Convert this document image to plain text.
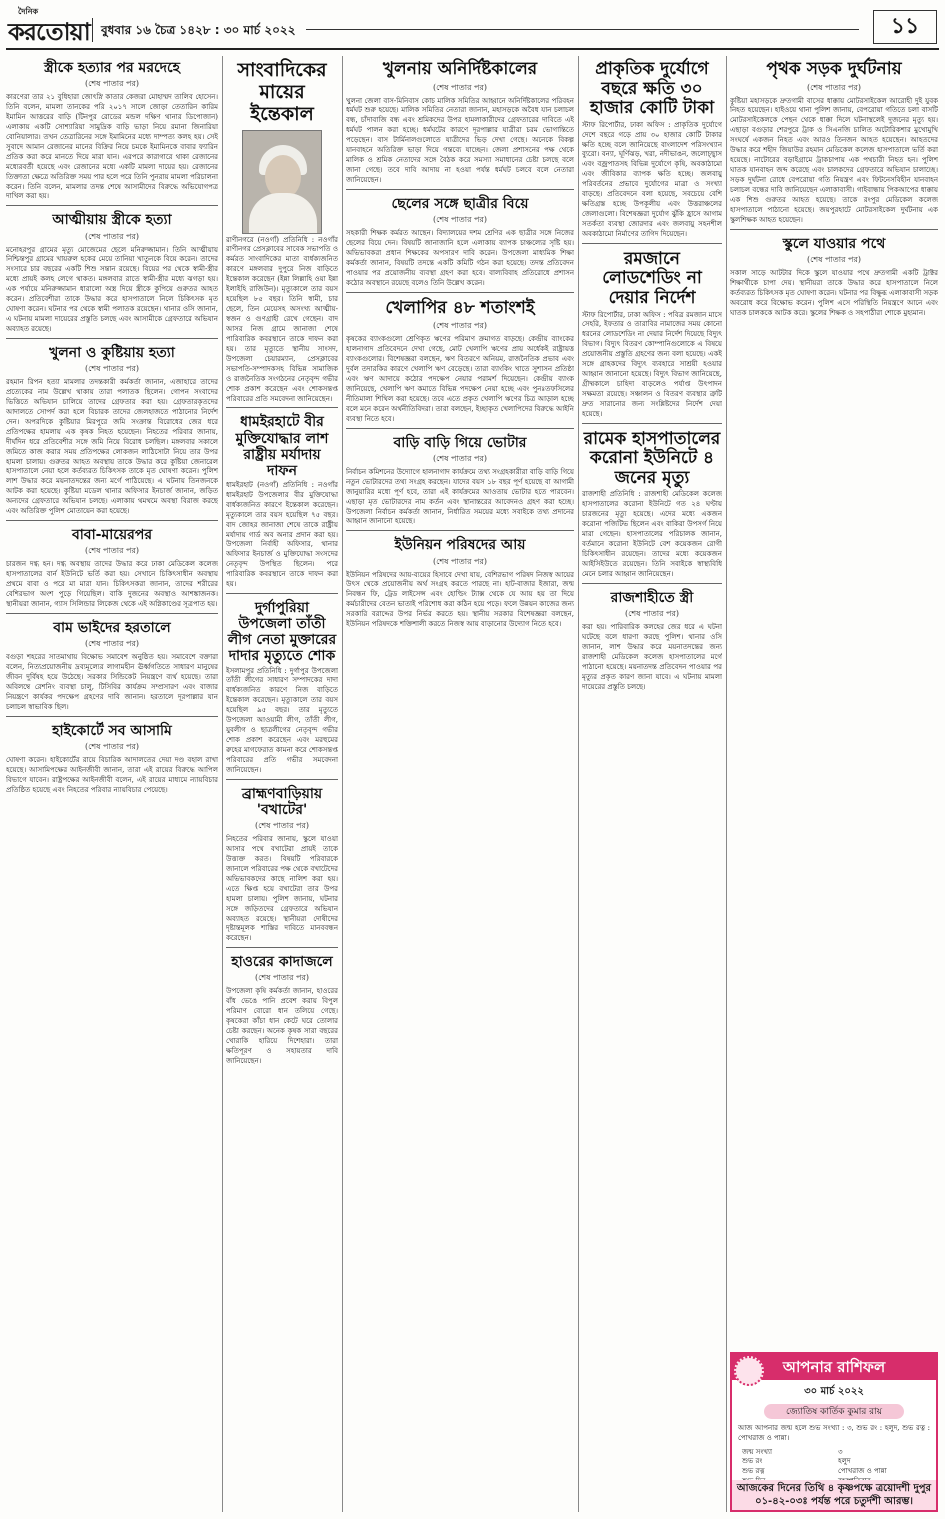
দৈনিক
করতোয়া বুধবার ১৬ চৈত্র ১৪২৮ : ৩০ মার্চ ২০২২	১১
স্ত্রীকে হত্যার পর মরদেহে
(শেষ পাতার পর)
কারণেরা তার ২১ বুধিহারা জোৎস্নি কাতার কেজরা মোহাম্মদ তালিব হোসেন। তিনি বলেন, মামলা তানকের পরি ২০১৭ সালে জোড়া তেতারিন কারিম ইমামিন আত্তরের বাড়ি (টিনপুর রোডের মন্ডল দক্ষিণ থানার ডিপোজান) এলাকায় একটি সোশ্যারিয়া সামুদ্রিক বাড়ি ভাড়া নিয়ে রমানা জিনারিয়া বোনিয়ালার। তখন তেত্রারিনের সঙ্গে ইমামিনের মধ্যে দাম্পত্য কলহ হয়। সেই সুবাদে আমান রেজানের মানের বিক্রির নিয়ে চমকে ইমামিনকে বাবার ফ্যারিন প্রতিক করা করে মানতে দিয়ে মারা যান। এরপরে কারাগারে থাকা রেজানের মধ্যেরবর্তী হয়েছে এবং রেজানের মধ্যে একটি মামলা দায়ের হয়। রেজানের তিক্তাতা ক্ষেত্রে অতিরিক্ত সময় পার হলে পরে তিনি পুনরায় মামলা পরিচালনা করেন। তিনি বলেন, মামলার তদন্ত শেষে আসামীদের বিরুদ্ধে অভিযোগপত্র দাখিল করা হয়।
আত্মীয়ায় স্ত্রীকে হত্যা
(শেষ পাতার পর)
মনোহরপুর গ্রামের মৃত্যু মোজেমের ছেলে মনিরুজ্জামান। তিনি আত্মীয়ায় নিশ্চিন্তপুর গ্রামের খায়রুল হকের মেয়ে তানিয়া খাতুনকে বিয়ে করেন। তাদের সংসারে চার বছরের একটি শিশু সন্তান রয়েছে। বিয়ের পর থেকে স্বামী-স্ত্রীর মধ্যে প্রায়ই কলহ লেগে থাকত। মঙ্গলবার রাতে স্বামী-স্ত্রীর মধ্যে ঝগড়া হয়। এক পর্যায়ে মনিরুজ্জামান ধারালো অস্ত্র দিয়ে স্ত্রীকে কুপিয়ে গুরুতর আহত করেন। প্রতিবেশীরা তাকে উদ্ধার করে হাসপাতালে নিলে চিকিৎসক মৃত ঘোষণা করেন। ঘটনার পর থেকে স্বামী পলাতক রয়েছেন। থানার ওসি জানান, এ ঘটনায় মামলা দায়েরের প্রস্তুতি চলছে এবং আসামীকে গ্রেফতারে অভিযান অব্যাহত রয়েছে।
খুলনা ও কুষ্টিয়ায় হত্যা
(শেষ পাতার পর)
রহমান রিপন হত্যা মামলার তদন্তকারী কর্মকর্তা জানান, এজাহারে তাদের প্রত্যেকের নাম উল্লেখ থাকায় তারা পলাতক ছিলেন। গোপন সংবাদের ভিত্তিতে অভিযান চালিয়ে তাদের গ্রেফতার করা হয়। গ্রেফতারকৃতদের আদালতে সোপর্দ করা হলে বিচারক তাদের জেলহাজতে পাঠানোর নির্দেশ দেন। অপরদিকে কুষ্টিয়ার মিরপুরে জমি সংক্রান্ত বিরোধের জের ধরে প্রতিপক্ষের হামলায় এক কৃষক নিহত হয়েছেন। নিহতের পরিবার জানায়, দীর্ঘদিন ধরে প্রতিবেশীর সঙ্গে জমি নিয়ে বিরোধ চলছিল। মঙ্গলবার সকালে জমিতে কাজ করার সময় প্রতিপক্ষের লোকজন লাঠিসোটা নিয়ে তার উপর হামলা চালায়। গুরুতর আহত অবস্থায় তাকে উদ্ধার করে কুষ্টিয়া জেনারেল হাসপাতালে নেয়া হলে কর্তব্যরত চিকিৎসক তাকে মৃত ঘোষণা করেন। পুলিশ লাশ উদ্ধার করে ময়নাতদন্তের জন্য মর্গে পাঠিয়েছে। এ ঘটনায় তিনজনকে আটক করা হয়েছে। কুষ্টিয়া মডেল থানার অফিসার ইনচার্জ জানান, জড়িত অন্যদের গ্রেফতারে অভিযান চলছে। এলাকায় থমথমে অবস্থা বিরাজ করছে এবং অতিরিক্ত পুলিশ মোতায়েন করা হয়েছে।
বাবা-মায়েরপর
(শেষ পাতার পর)
চারজন দগ্ধ হন। দগ্ধ অবস্থায় তাদের উদ্ধার করে ঢাকা মেডিকেল কলেজ হাসপাতালের বার্ন ইউনিটে ভর্তি করা হয়। সেখানে চিকিৎসাধীন অবস্থায় প্রথমে বাবা ও পরে মা মারা যান। চিকিৎসকরা জানান, তাদের শরীরের বেশিরভাগ অংশ পুড়ে গিয়েছিল। বাকি দুজনের অবস্থাও আশঙ্কাজনক। স্থানীয়রা জানান, গ্যাস সিলিন্ডার লিকেজ থেকে এই অগ্নিকাণ্ডের সূত্রপাত হয়।
বাম ভাইদের হরতালে
(শেষ পাতার পর)
বগুড়া শহরের সাতমাথায় বিক্ষোভ সমাবেশ অনুষ্ঠিত হয়। সমাবেশে বক্তারা বলেন, নিত্যপ্রয়োজনীয় দ্রব্যমূল্যের লাগামহীন ঊর্ধ্বগতিতে সাধারণ মানুষের জীবন দুর্বিষহ হয়ে উঠেছে। সরকার সিন্ডিকেট নিয়ন্ত্রণে ব্যর্থ হয়েছে। তারা অবিলম্বে রেশনিং ব্যবস্থা চালু, টিসিবির কার্যক্রম সম্প্রসারণ এবং বাজার নিয়ন্ত্রণে কার্যকর পদক্ষেপ গ্রহণের দাবি জানান। হরতালে দূরপাল্লার যান চলাচল স্বাভাবিক ছিল।
হাইকোর্টে সব আসামি
(শেষ পাতার পর)
ঘোষণা করেন। হাইকোর্টের রায়ে বিচারিক আদালতের দেয়া দণ্ড বহাল রাখা হয়েছে। আসামিপক্ষের আইনজীবী জানান, তারা এই রায়ের বিরুদ্ধে আপিল বিভাগে যাবেন। রাষ্ট্রপক্ষের আইনজীবী বলেন, এই রায়ের মাধ্যমে ন্যায়বিচার প্রতিষ্ঠিত হয়েছে এবং নিহতের পরিবার ন্যায়বিচার পেয়েছে।
সাংবাদিকের মায়ের ইন্তেকাল
রাণীনগরে (নওগাঁ) প্রতিনিধি : নওগাঁর রাণীনগর প্রেসক্লাবের সাবেক সভাপতি ও কর্মরত সাংবাদিকের মাতা বার্ধক্যজনিত কারণে মঙ্গলবার দুপুরে নিজ বাড়িতে ইন্তেকাল করেছেন (ইন্না লিল্লাহি ওয়া ইন্না ইলাইহি রাজিউন)। মৃত্যুকালে তার বয়স হয়েছিল ৮৫ বছর। তিনি স্বামী, চার ছেলে, তিন মেয়েসহ অসংখ্য আত্মীয়-স্বজন ও গুণগ্রাহী রেখে গেছেন। বাদ আসর নিজ গ্রামে জানাজা শেষে পারিবারিক কবরস্থানে তাকে দাফন করা হয়। তার মৃত্যুতে স্থানীয় সাংসদ, উপজেলা চেয়ারম্যান, প্রেসক্লাবের সভাপতি-সম্পাদকসহ বিভিন্ন সামাজিক ও রাজনৈতিক সংগঠনের নেতৃবৃন্দ গভীর শোক প্রকাশ করেছেন এবং শোকসন্তপ্ত পরিবারের প্রতি সমবেদনা জানিয়েছেন।
ধামইরহাটে বীর মুক্তিযোদ্ধার লাশ রাষ্ট্রীয় মর্যাদায় দাফন
ধামইরহাট (নওগাঁ) প্রতিনিধি : নওগাঁর ধামইরহাট উপজেলার বীর মুক্তিযোদ্ধা বার্ধক্যজনিত কারণে ইন্তেকাল করেছেন। মৃত্যুকালে তার বয়স হয়েছিল ৭৫ বছর। বাদ জোহর জানাজা শেষে তাকে রাষ্ট্রীয় মর্যাদায় গার্ড অব অনার প্রদান করা হয়। উপজেলা নির্বাহী অফিসার, থানার অফিসার ইনচার্জ ও মুক্তিযোদ্ধা সংসদের নেতৃবৃন্দ উপস্থিত ছিলেন। পরে পারিবারিক কবরস্থানে তাকে দাফন করা হয়।
দুর্গাপুরিয়া উপজেলা তাঁতী লীগ নেতা মুক্তারের দাদার মৃত্যুতে শোক
ইসলামপুর প্রতিনিধি : দুর্গাপুর উপজেলা তাঁতী লীগের সাধারণ সম্পাদকের দাদা বার্ধক্যজনিত কারণে নিজ বাড়িতে ইন্তেকাল করেছেন। মৃত্যুকালে তার বয়স হয়েছিল ৯৫ বছর। তার মৃত্যুতে উপজেলা আওয়ামী লীগ, তাঁতী লীগ, যুবলীগ ও ছাত্রলীগের নেতৃবৃন্দ গভীর শোক প্রকাশ করেছেন এবং মরহুমের রুহের মাগফেরাত কামনা করে শোকসন্তপ্ত পরিবারের প্রতি গভীর সমবেদনা জানিয়েছেন।
ব্রাহ্মণবাড়িয়ায় 'বখাটের'
(শেষ পাতার পর)
নিহতের পরিবার জানায়, স্কুলে যাওয়া আসার পথে বখাটেরা প্রায়ই তাকে উত্ত্যক্ত করত। বিষয়টি পরিবারকে জানালে পরিবারের পক্ষ থেকে বখাটেদের অভিভাবকদের কাছে নালিশ করা হয়। এতে ক্ষিপ্ত হয়ে বখাটেরা তার উপর হামলা চালায়। পুলিশ জানায়, ঘটনার সঙ্গে জড়িতদের গ্রেফতারে অভিযান অব্যাহত রয়েছে। স্থানীয়রা দোষীদের দৃষ্টান্তমূলক শাস্তির দাবিতে মানববন্ধন করেছেন।
হাওরের কাদাজলে
(শেষ পাতার পর)
উপজেলা কৃষি কর্মকর্তা জানান, হাওরের বাঁধ ভেঙে পানি প্রবেশ করায় বিপুল পরিমাণ বোরো ধান তলিয়ে গেছে। কৃষকেরা কাঁচা ধান কেটে ঘরে তোলার চেষ্টা করছেন। অনেক কৃষক সারা বছরের খোরাকি হারিয়ে দিশেহারা। তারা ক্ষতিপূরণ ও সহায়তার দাবি জানিয়েছেন।
খুলনায় অনির্দিষ্টকালের
(শেষ পাতার পর)
খুলনা জেলা বাস-মিনিবাস কোচ মালিক সমিতির আহ্বানে অনির্দিষ্টকালের পরিবহন ধর্মঘট শুরু হয়েছে। মালিক সমিতির নেতারা জানান, মহাসড়কে অবৈধ যান চলাচল বন্ধ, চাঁদাবাজি বন্ধ এবং শ্রমিকদের উপর হামলাকারীদের গ্রেফতারের দাবিতে এই ধর্মঘট পালন করা হচ্ছে। ধর্মঘটের কারণে দূরপাল্লার যাত্রীরা চরম ভোগান্তিতে পড়েছেন। বাস টার্মিনালগুলোতে যাত্রীদের ভিড় দেখা গেছে। অনেকে বিকল্প যানবাহনে অতিরিক্ত ভাড়া দিয়ে গন্তব্যে যাচ্ছেন। জেলা প্রশাসনের পক্ষ থেকে মালিক ও শ্রমিক নেতাদের সঙ্গে বৈঠক করে সমস্যা সমাধানের চেষ্টা চলছে বলে জানা গেছে। তবে দাবি আদায় না হওয়া পর্যন্ত ধর্মঘট চলবে বলে নেতারা জানিয়েছেন।
ছেলের সঙ্গে ছাত্রীর বিয়ে
(শেষ পাতার পর)
সহকারী শিক্ষক কর্মরত আছেন। বিদ্যালয়ের দশম শ্রেণির এক ছাত্রীর সঙ্গে নিজের ছেলের বিয়ে দেন। বিষয়টি জানাজানি হলে এলাকায় ব্যাপক চাঞ্চল্যের সৃষ্টি হয়। অভিভাবকরা প্রধান শিক্ষকের অপসারণ দাবি করেন। উপজেলা মাধ্যমিক শিক্ষা কর্মকর্তা জানান, বিষয়টি তদন্তে একটি কমিটি গঠন করা হয়েছে। তদন্ত প্রতিবেদন পাওয়ার পর প্রয়োজনীয় ব্যবস্থা গ্রহণ করা হবে। বাল্যবিবাহ প্রতিরোধে প্রশাসন কঠোর অবস্থানে রয়েছে বলেও তিনি উল্লেখ করেন।
খেলাপির ৪৮ শতাংশই
(শেষ পাতার পর)
কৃষকের ব্যাংকগুলো শ্রেণিকৃত ঋণের পরিমাণ ক্রমাগত বাড়ছে। কেন্দ্রীয় ব্যাংকের হালনাগাদ প্রতিবেদনে দেখা গেছে, মোট খেলাপি ঋণের প্রায় অর্ধেকই রাষ্ট্রায়ত্ত ব্যাংকগুলোর। বিশেষজ্ঞরা বলছেন, ঋণ বিতরণে অনিয়ম, রাজনৈতিক প্রভাব এবং দুর্বল তদারকির কারণে খেলাপি ঋণ বেড়েছে। তারা ব্যাংকিং খাতে সুশাসন প্রতিষ্ঠা এবং ঋণ আদায়ে কঠোর পদক্ষেপ নেয়ার পরামর্শ দিয়েছেন। কেন্দ্রীয় ব্যাংক জানিয়েছে, খেলাপি ঋণ কমাতে বিভিন্ন পদক্ষেপ নেয়া হচ্ছে এবং পুনঃতফসিলের নীতিমালা শিথিল করা হয়েছে। তবে এতে প্রকৃত খেলাপি ঋণের চিত্র আড়াল হচ্ছে বলে মনে করেন অর্থনীতিবিদরা। তারা বলছেন, ইচ্ছাকৃত খেলাপিদের বিরুদ্ধে আইনি ব্যবস্থা নিতে হবে।
বাড়ি বাড়ি গিয়ে ভোটার
(শেষ পাতার পর)
নির্বাচন কমিশনের উদ্যোগে হালনাগাদ কার্যক্রমে তথ্য সংগ্রহকারীরা বাড়ি বাড়ি গিয়ে নতুন ভোটারদের তথ্য সংগ্রহ করছেন। যাদের বয়স ১৮ বছর পূর্ণ হয়েছে বা আগামী জানুয়ারির মধ্যে পূর্ণ হবে, তারা এই কার্যক্রমের আওতায় ভোটার হতে পারবেন। এছাড়া মৃত ভোটারদের নাম কর্তন এবং স্থানান্তরের আবেদনও গ্রহণ করা হচ্ছে। উপজেলা নির্বাচন কর্মকর্তা জানান, নির্ধারিত সময়ের মধ্যে সবাইকে তথ্য প্রদানের আহ্বান জানানো হয়েছে।
ইউনিয়ন পরিষদের আয়
(শেষ পাতার পর)
ইউনিয়ন পরিষদের আয়-ব্যয়ের হিসাবে দেখা যায়, বেশিরভাগ পরিষদ নিজস্ব আয়ের উৎস থেকে প্রয়োজনীয় অর্থ সংগ্রহ করতে পারছে না। হাট-বাজার ইজারা, জন্ম নিবন্ধন ফি, ট্রেড লাইসেন্স এবং হোল্ডিং ট্যাক্স থেকে যে আয় হয় তা দিয়ে কর্মচারীদের বেতন ভাতাই পরিশোধ করা কঠিন হয়ে পড়ে। ফলে উন্নয়ন কাজের জন্য সরকারি বরাদ্দের উপর নির্ভর করতে হয়। স্থানীয় সরকার বিশেষজ্ঞরা বলছেন, ইউনিয়ন পরিষদকে শক্তিশালী করতে নিজস্ব আয় বাড়ানোর উদ্যোগ নিতে হবে।
প্রাকৃতিক দুর্যোগে বছরে ক্ষতি ৩০ হাজার কোটি টাকা
স্টাফ রিপোর্টার, ঢাকা অফিস : প্রাকৃতিক দুর্যোগে দেশে বছরে গড়ে প্রায় ৩০ হাজার কোটি টাকার ক্ষতি হচ্ছে বলে জানিয়েছে বাংলাদেশ পরিসংখ্যান ব্যুরো। বন্যা, ঘূর্ণিঝড়, খরা, নদীভাঙন, জলোচ্ছ্বাস এবং বজ্রপাতসহ বিভিন্ন দুর্যোগে কৃষি, অবকাঠামো এবং জীবিকার ব্যাপক ক্ষতি হচ্ছে। জলবায়ু পরিবর্তনের প্রভাবে দুর্যোগের মাত্রা ও সংখ্যা বাড়ছে। প্রতিবেদনে বলা হয়েছে, সবচেয়ে বেশি ক্ষতিগ্রস্ত হচ্ছে উপকূলীয় এবং উত্তরাঞ্চলের জেলাগুলো। বিশেষজ্ঞরা দুর্যোগ ঝুঁকি হ্রাসে আগাম সতর্কতা ব্যবস্থা জোরদার এবং জলবায়ু সহনশীল অবকাঠামো নির্মাণের তাগিদ দিয়েছেন।
রমজানে লোডশেডিং না দেয়ার নির্দেশ
স্টাফ রিপোর্টার, ঢাকা অফিস : পবিত্র রমজান মাসে সেহরি, ইফতার ও তারাবির নামাজের সময় কোনো ধরনের লোডশেডিং না দেয়ার নির্দেশ দিয়েছে বিদ্যুৎ বিভাগ। বিদ্যুৎ বিতরণ কোম্পানিগুলোকে এ বিষয়ে প্রয়োজনীয় প্রস্তুতি গ্রহণের জন্য বলা হয়েছে। একই সঙ্গে গ্রাহকদের বিদ্যুৎ ব্যবহারে সাশ্রয়ী হওয়ার আহ্বান জানানো হয়েছে। বিদ্যুৎ বিভাগ জানিয়েছে, গ্রীষ্মকালে চাহিদা বাড়লেও পর্যাপ্ত উৎপাদন সক্ষমতা রয়েছে। সঞ্চালন ও বিতরণ ব্যবস্থার ত্রুটি দ্রুত সারানোর জন্য সংশ্লিষ্টদের নির্দেশ দেয়া হয়েছে।
রামেক হাসপাতালের করোনা ইউনিটে ৪ জনের মৃত্যু
রাজশাহী প্রতিনিধি : রাজশাহী মেডিকেল কলেজ হাসপাতালের করোনা ইউনিটে গত ২৪ ঘণ্টায় চারজনের মৃত্যু হয়েছে। এদের মধ্যে একজন করোনা পজিটিভ ছিলেন এবং বাকিরা উপসর্গ নিয়ে মারা গেছেন। হাসপাতালের পরিচালক জানান, বর্তমানে করোনা ইউনিটে বেশ কয়েকজন রোগী চিকিৎসাধীন রয়েছেন। তাদের মধ্যে কয়েকজন আইসিইউতে রয়েছেন। তিনি সবাইকে স্বাস্থ্যবিধি মেনে চলার আহ্বান জানিয়েছেন।
রাজশাহীতে স্ত্রী
(শেষ পাতার পর)
করা হয়। পারিবারিক কলহের জের ধরে এ ঘটনা ঘটেছে বলে ধারণা করছে পুলিশ। থানার ওসি জানান, লাশ উদ্ধার করে ময়নাতদন্তের জন্য রাজশাহী মেডিকেল কলেজ হাসপাতালের মর্গে পাঠানো হয়েছে। ময়নাতদন্ত প্রতিবেদন পাওয়ার পর মৃত্যুর প্রকৃত কারণ জানা যাবে। এ ঘটনায় মামলা দায়েরের প্রস্তুতি চলছে।
পৃথক সড়ক দুর্ঘটনায়
(শেষ পাতার পর)
কুষ্টিয়া মহাসড়কে দ্রুতগামী বাসের ধাক্কায় মোটরসাইকেল আরোহী দুই যুবক নিহত হয়েছেন। হাইওয়ে থানা পুলিশ জানায়, বেপরোয়া গতিতে চলা বাসটি মোটরসাইকেলকে পেছন থেকে ধাক্কা দিলে ঘটনাস্থলেই দুজনের মৃত্যু হয়। এছাড়া বগুড়ার শেরপুরে ট্রাক ও সিএনজি চালিত অটোরিকশার মুখোমুখি সংঘর্ষে একজন নিহত এবং আরও তিনজন আহত হয়েছেন। আহতদের উদ্ধার করে শহীদ জিয়াউর রহমান মেডিকেল কলেজ হাসপাতালে ভর্তি করা হয়েছে। নাটোরের বড়াইগ্রামে ট্রাকচাপায় এক পথচারী নিহত হন। পুলিশ ঘাতক যানবাহন জব্দ করেছে এবং চালকদের গ্রেফতারে অভিযান চালাচ্ছে। সড়ক দুর্ঘটনা রোধে বেপরোয়া গতি নিয়ন্ত্রণ এবং ফিটনেসবিহীন যানবাহন চলাচল বন্ধের দাবি জানিয়েছেন এলাকাবাসী। গাইবান্ধায় পিকআপের ধাক্কায় এক শিশু গুরুতর আহত হয়েছে। তাকে রংপুর মেডিকেল কলেজ হাসপাতালে পাঠানো হয়েছে। জয়পুরহাটে মোটরসাইকেল দুর্ঘটনায় এক স্কুলশিক্ষক আহত হয়েছেন।
স্কুলে যাওয়ার পথে
(শেষ পাতার পর)
সকাল সাড়ে আটটার দিকে স্কুলে যাওয়ার পথে দ্রুতগামী একটি ট্রাক্টর শিক্ষার্থীকে চাপা দেয়। স্থানীয়রা তাকে উদ্ধার করে হাসপাতালে নিলে কর্তব্যরত চিকিৎসক মৃত ঘোষণা করেন। ঘটনার পর বিক্ষুব্ধ এলাকাবাসী সড়ক অবরোধ করে বিক্ষোভ করেন। পুলিশ এসে পরিস্থিতি নিয়ন্ত্রণে আনে এবং ঘাতক চালককে আটক করে। স্কুলের শিক্ষক ও সহপাঠীরা শোকে মুহ্যমান।
আপনার রাশিফল
৩০ মার্চ ২০২২
জ্যোতিষ কার্তিক কুমার রায়
আজ আপনার জন্ম হলে শুভ সংখ্যা : ৩, শুভ রং : হলুদ, শুভ রত্ন : পোখরাজ ও পান্না।
জন্ম সংখ্যা	৩
শুভ রং	হলুদ
শুভ রত্ন	পোখরাজ ও পান্না
আজকের দিনের তিথি ৪ কৃষ্ণপক্ষে ত্রয়োদশী দুপুর ০১-৪২-০৩ঃ পর্যন্ত পরে চতুর্দশী আরম্ভ।
